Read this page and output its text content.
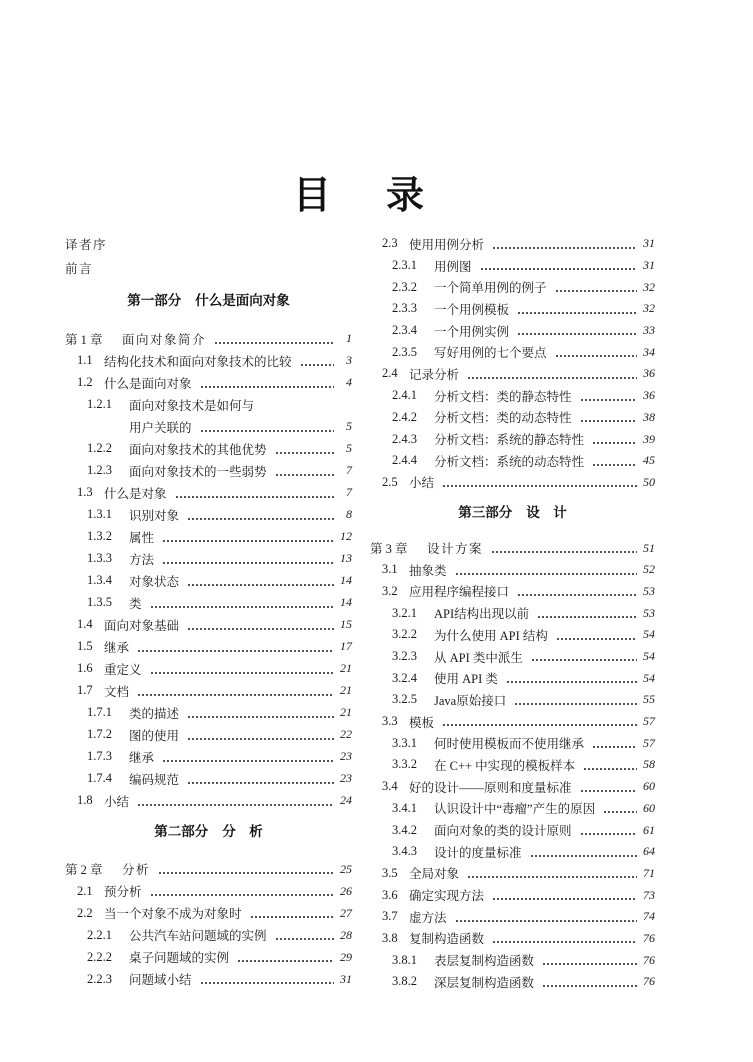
目录
译者序
前言
第一部分 什么是面向对象
第 1 章	面向对象简介	1
1.1 结构化技术和面向对象技术的比较	3
1.2 什么是面向对象	4
1.2.1	面向对象技术是如何与
用户关联的	5
1.2.2	面向对象技术的其他优势	5
1.2.3	面向对象技术的一些弱势	7
1.3 什么是对象	7
1.3.1	识别对象	8
1.3.2	属性	12
1.3.3	方法	13
1.3.4	对象状态	14
1.3.5	类	14
1.4 面向对象基础	15
1.5 继承	17
1.6 重定义	21
1.7 文档	21
1.7.1	类的描述	21
1.7.2	图的使用	22
1.7.3	继承	23
1.7.4	编码规范	23
1.8 小结	24
第二部分 分　析
第 2 章	分析	25
2.1 预分析	26
2.2 当一个对象不成为对象时	27
2.2.1	公共汽车站问题域的实例	28
2.2.2	桌子问题域的实例	29
2.2.3	问题域小结	31
2.3 使用用例分析	31
2.3.1	用例图	31
2.3.2	一个简单用例的例子	32
2.3.3	一个用例模板	32
2.3.4	一个用例实例	33
2.3.5	写好用例的七个要点	34
2.4 记录分析	36
2.4.1	分析文档：类的静态特性	36
2.4.2	分析文档：类的动态特性	38
2.4.3	分析文档：系统的静态特性	39
2.4.4	分析文档：系统的动态特性	45
2.5 小结	50
第三部分 设　计
第 3 章	设计方案	51
3.1 抽象类	52
3.2 应用程序编程接口	53
3.2.1	API结构出现以前	53
3.2.2	为什么使用 API 结构	54
3.2.3	从 API 类中派生	54
3.2.4	使用 API 类	54
3.2.5	Java原始接口	55
3.3 模板	57
3.3.1	何时使用模板而不使用继承	57
3.3.2	在 C++ 中实现的模板样本	58
3.4 好的设计——原则和度量标准	60
3.4.1	认识设计中“毒瘤”产生的原因	60
3.4.2	面向对象的类的设计原则	61
3.4.3	设计的度量标准	64
3.5 全局对象	71
3.6 确定实现方法	73
3.7 虚方法	74
3.8 复制构造函数	76
3.8.1	表层复制构造函数	76
3.8.2	深层复制构造函数	76
